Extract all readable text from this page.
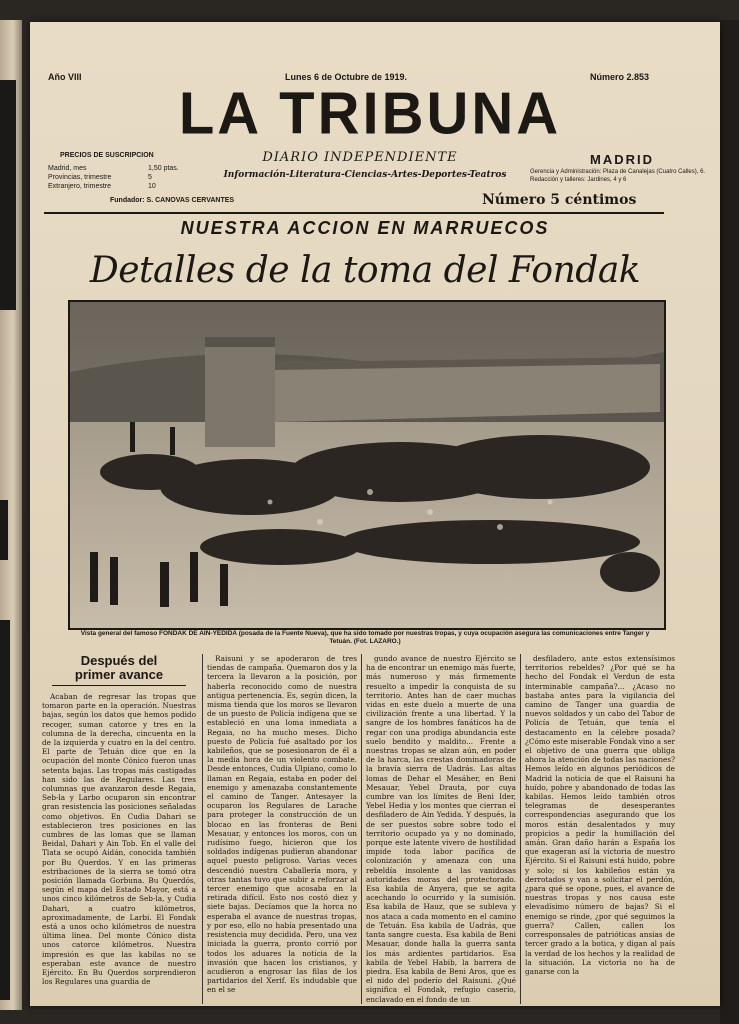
Año VIII	Lunes 6 de Octubre de 1919.	Número 2.853
LA TRIBUNA
DIARIO INDEPENDIENTE
Información-Literatura-Ciencias-Artes-Deportes-Teatros
PRECIOS DE SUSCRIPCION
Madrid, mes	1,50 ptas.
Provincias, trimestre	5
Extranjero, trimestre	10
MADRID
Gerencia y Administración: Plaza de Canalejas (Cuatro Calles), 6. Redacción y talleres: Jardines, 4 y 6
Fundador: S. CANOVAS CERVANTES	Número 5 céntimos
NUESTRA ACCION EN MARRUECOS
Detalles de la toma del Fondak
Vista general del famoso FONDAK DE AIN-YEDIDA (posada de la Fuente Nueva), que ha sido tomado por nuestras tropas, y cuya ocupación asegura las comunicaciones entre Tanger y Tetuán. (Fot. LAZARO.)
Después del
primer avance

Acaban de regresar las tropas que tomaron parte en la operación. Nuestras bajas, según los datos que hemos podido recoger, suman catorce y tres en la columna de la derecha, cincuenta en la de la izquierda y cuatro en la del centro. El parte de Tetuán dice que en la ocupación del monte Cónico fueron unas setenta bajas. Las tropas más castigadas han sido las de Regulares. Las tres columnas que avanzaron desde Regaia, Seb-la y Larbo ocuparon sin encontrar gran resistencia las posiciones señaladas como objetivos. En Cudia Dahari se establecieron tres posiciones en las cumbres de las lomas que se llaman Beidal, Dahari y Ain Tob. En el valle del Tlata se ocupó Aidán, conocida también por Bu Querdos. Y en las primeras estribaciones de la sierra se tomó otra posición llamada Gorbuna. Bu Querdós, según el mapa del Estado Mayor, está a unos cinco kilómetros de Seb-la, y Cudia Dahari, a cuatro kilómetros, aproximadamente, de Larbi. El Fondak está a unos ocho kilómetros de nuestra última línea. Del monte Cónico dista unos catorce kilómetros. Nuestra impresión es que las kabilas no se esperaban este avance de nuestro Ejército. En Bu Querdos sorprendieron los Regulares una guardia de

Raisuni y se apoderaron de tres tiendas de campaña. Quemaron dos y la tercera la llevaron a la posición, por haberla reconocido como de nuestra antigua pertenencia. Es, según dicen, la misma tienda que los moros se llevaron de un puesto de Policía indígena que se estableció en una loma inmediata a Regaia, no ha mucho meses. Dicho puesto de Policía fué asaltado por los kabileños, que se posesionaron de él a la media hora de un violento combate. Desde entonces, Cudia Ulpiano, como lo llaman en Regaia, estaba en poder del enemigo y amenazaba constantemente el camino de Tanger. Antesayer la ocuparon los Regulares de Larache para proteger la construcción de un blocao en las fronteras de Beni Mesauar, y entonces los moros, con un rudísimo fuego, hicieron que los soldados indígenas pudieran abandonar aquel puesto peligroso. Varias veces descendió nuestra Caballería mora, y otras tantas tuvo que subir a reforzar al tercer enemigo que acosaba en la retirada difícil. Esto nos costó diez y siete bajas. Decíamos que la horca no esperaba el avance de nuestras tropas, y por eso, ello no había presentado una resistencia muy decidida. Pero, una vez iniciada la guerra, pronto corrió por todos los aduares la noticia de la invasión que hacen los cristianos, y acudieron a engrosar las filas de los partidarios del Xerif. Es indudable que en el se

gundo avance de nuestro Ejército se ha de encontrar un enemigo más fuerte, más numeroso y más firmemente resuelto a impedir la conquista de su territorio. Antes han de caer muchas vidas en este duelo a muerte de una civilización frente a una libertad. Y la sangre de los hombres fanáticos ha de regar con una prodiga abundancia este suelo bendito y maldito... Frente a nuestras tropas se alzan aún, en poder de la harca, las crestas dominadoras de la bravía sierra de Uadrás. Las altas lomas de Dehar el Mesáher, en Beni Mesauar, Yebel Drauta, por cuya cumbre van los límites de Beni Ider, Yebel Hedia y los montes que cierran el desfiladero de Ain Yedida. Y después, la de ser puestos sobre sobre todo el territorio ocupado ya y no dominado, porque este latente vivero de hostilidad impide toda labor pacífica de colonización y amenaza con una rebeldía insolente a las vanidosas autoridades moras del protectorado. Esa kabila de Anyera, que se agita acechando lo ocurrido y la sumisión. Esa kabila de Hauz, que se subleva y nos ataca a cada momento en el camino de Tetuán. Esa kabila de Uadrás, que tanta sangre cuesta. Esa kabila de Beni Mesauar, donde halla la guerra santa los más ardientes partidarios. Esa kabila de Yebel Habib, la barrera de piedra. Esa kabila de Beni Aros, que es el nido del poderío del Raisuni. ¿Qué significa el Fondak, refugio caserío, enclavado en el fondo de un

desfiladero, ante estos extensísimos territorios rebeldes? ¿Por qué se ha hecho del Fondak el Verdun de esta interminable campaña?... ¿Acaso no bastaba antes para la vigilancia del camino de Tanger una guardia de nuevos soldados y un cabo del Tabor de Policía de Tetuán, que tenía el destacamento en la célebre posada? ¿Cómo este miserable Fondak vino a ser el objetivo de una guerra que obliga ahora la atención de todas las naciones? Hemos leído en algunos periódicos de Madrid la noticia de que el Raisuni ha huído, pobre y abandonado de todas las kabilas. Hemos leído también otros telegramas de desesperantes correspondencias asegurando que los moros están desalentados y muy propicios a pedir la humillación del amán. Gran daño harán a España los que exageran así la victoria de nuestro Ejército. Si el Raisuni está huido, pobre y solo; si los kabileños están ya derrotados y van a solicitar el perdón, ¿para qué se opone, pues, el avance de nuestras tropas y nos causa este elevadísimo número de bajas? Si el enemigo se rinde, ¿por qué seguimos la guerra? Callen, callen los corresponsales de patrióticas ansias de tercer grado a la botica, y digan al país la verdad de los hechos y la realidad de la situación. La victoria no ha de ganarse con la
